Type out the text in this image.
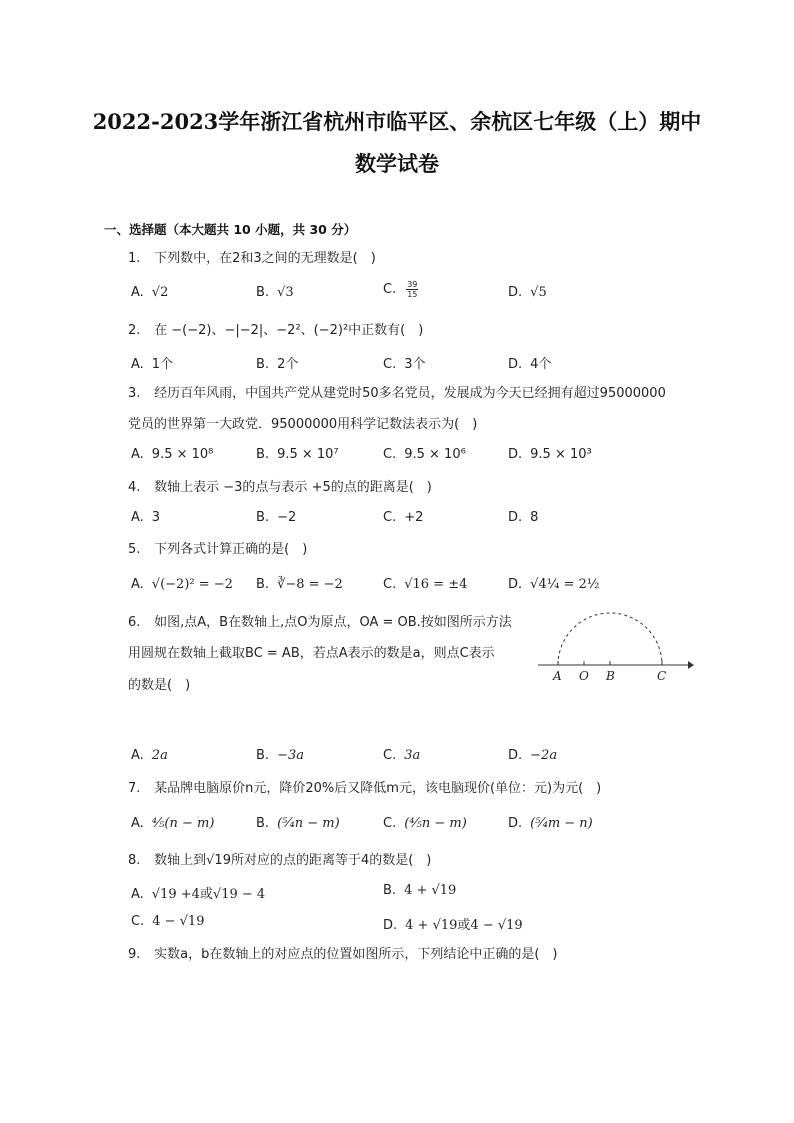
2022-2023学年浙江省杭州市临平区、余杭区七年级（上）期中
数学试卷
一、选择题（本大题共 10 小题，共 30 分）
1. 下列数中，在2和3之间的无理数是(　)
A. √2	B. √3	C. $\frac{39}{15}$	D. √5
2. 在 −(−2)、−|−2|、−2²、(−2)²中正数有(　)
A. 1个	B. 2个	C. 3个	D. 4个
3. 经历百年风雨，中国共产党从建党时50多名党员，发展成为今天已经拥有超过95000000
党员的世界第一大政党．95000000用科学记数法表示为(　)
A. 9.5 × 10⁸	B. 9.5 × 10⁷	C. 9.5 × 10⁶	D. 9.5 × 10³
4. 数轴上表示 −3的点与表示 +5的点的距离是(　)
A. 3	B. −2	C. +2	D. 8
5. 下列各式计算正确的是(　)
A. √(−2)² = −2 B. ∛−8 = −2	C. √16 = ±4	D. √4¼ = 2½
6. 如图,点A，B在数轴上,点O为原点，OA = OB.按如图所示方法
用圆规在数轴上截取BC = AB，若点A表示的数是a，则点C表示
的数是(　)
A O B	C
A. 2a	B. −3a	C. 3a	D. −2a
7. 某品牌电脑原价n元，降价20%后又降低m元，该电脑现价(单位：元)为元(　)
A. ⁴⁄₅(n − m)	B. (⁵⁄₄n − m)	C. (⁴⁄₅n − m)	D. (⁵⁄₄m − n)
8. 数轴上到√19所对应的点的距离等于4的数是(　)
A. √19 +4或√19 − 4	B. 4 + √19
C. 4 − √19	D. 4 + √19或4 − √19
9. 实数a，b在数轴上的对应点的位置如图所示，下列结论中正确的是(　)
